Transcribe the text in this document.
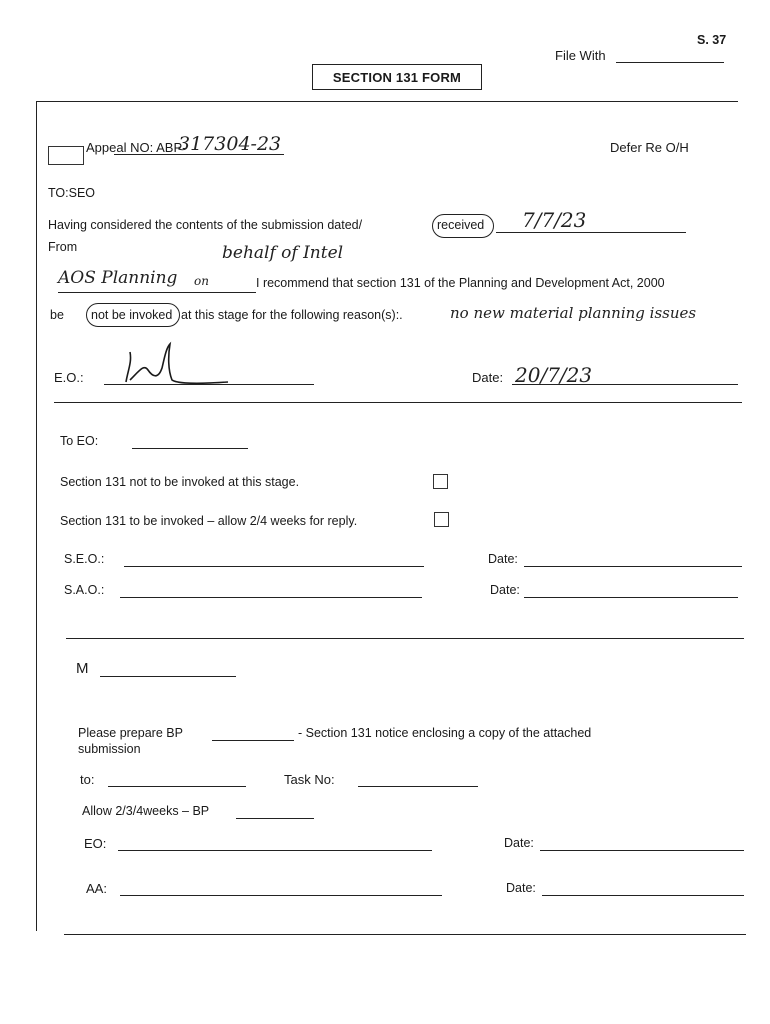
S. 37
File With
SECTION 131 FORM
Appeal NO: ABP-
317304-23	Defer Re O/H
TO:SEO
Having considered the contents of the submission dated/	received 7/7/23
From	behalf of Intel
AOS Planning on	I recommend that section 131 of the Planning and Development Act, 2000
be not be invoked at this stage for the following reason(s):.	no new material planning issues
E.O.:	Date: 20/7/23
To EO:
Section 131 not to be invoked at this stage.
Section 131 to be invoked – allow 2/4 weeks for reply.
S.E.O.:	Date:
S.A.O.:	Date:
M
Please prepare BP	- Section 131 notice enclosing a copy of the attached
submission
to:	Task No:
Allow 2/3/4weeks – BP
EO:	Date:
AA:	Date:
